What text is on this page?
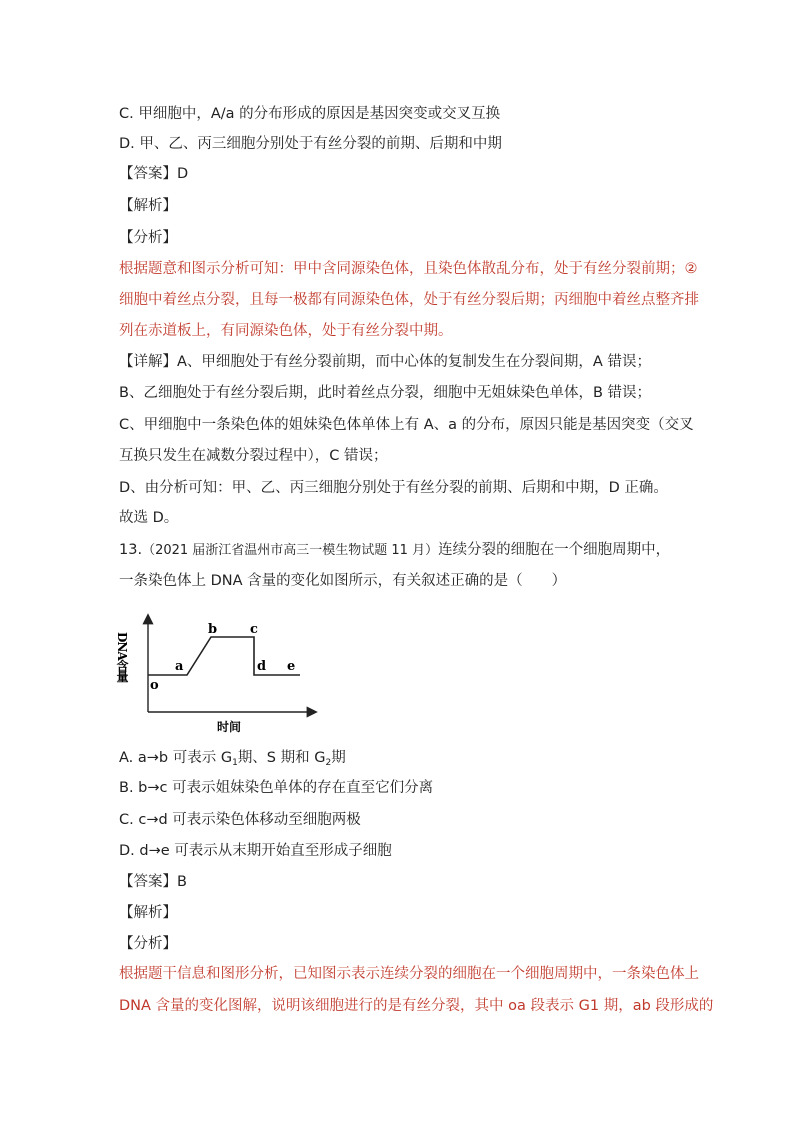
C. 甲细胞中，A/a 的分布形成的原因是基因突变或交叉互换
D. 甲、乙、丙三细胞分别处于有丝分裂的前期、后期和中期
【答案】D
【解析】
【分析】
根据题意和图示分析可知：甲中含同源染色体，且染色体散乱分布，处于有丝分裂前期；②
细胞中着丝点分裂，且每一极都有同源染色体，处于有丝分裂后期；丙细胞中着丝点整齐排
列在赤道板上，有同源染色体，处于有丝分裂中期。
【详解】A、甲细胞处于有丝分裂前期，而中心体的复制发生在分裂间期，A 错误；
B、乙细胞处于有丝分裂后期，此时着丝点分裂，细胞中无姐妹染色单体，B 错误；
C、甲细胞中一条染色体的姐妹染色体单体上有 A、a 的分布，原因只能是基因突变（交叉
互换只发生在减数分裂过程中），C 错误；
D、由分析可知：甲、乙、丙三细胞分别处于有丝分裂的前期、后期和中期，D 正确。
故选 D。
13.（2021 届浙江省温州市高三一模生物试题 11 月）连续分裂的细胞在一个细胞周期中，
一条染色体上 DNA 含量的变化如图所示，有关叙述正确的是（　　）
DNA含量
时间
o
a
b	c
d e
A. a→b 可表示 $G_1$期、S 期和 $G_2$期
B. b→c 可表示姐妹染色单体的存在直至它们分离
C. c→d 可表示染色体移动至细胞两极
D. d→e 可表示从末期开始直至形成子细胞
【答案】B
【解析】
【分析】
根据题干信息和图形分析，已知图示表示连续分裂的细胞在一个细胞周期中，一条染色体上
DNA 含量的变化图解，说明该细胞进行的是有丝分裂，其中 oa 段表示 G1 期，ab 段形成的
